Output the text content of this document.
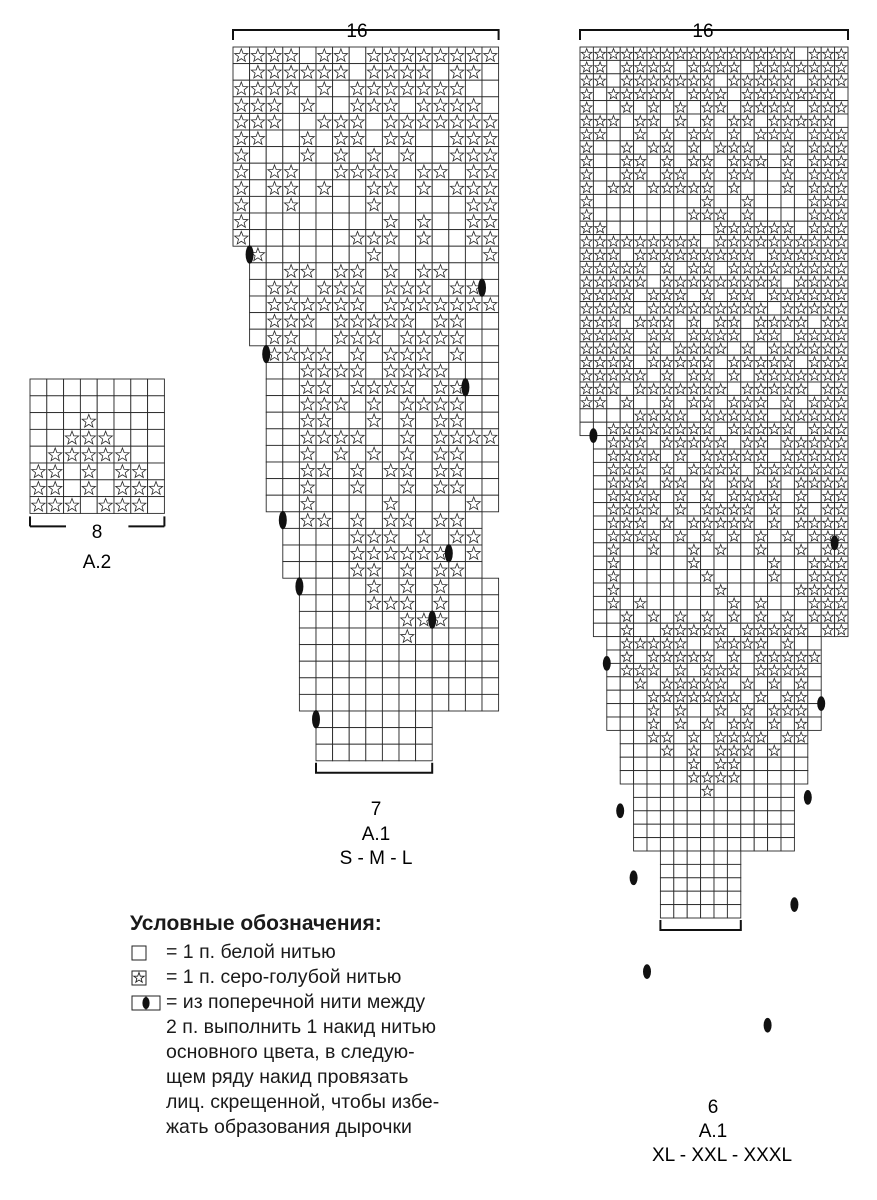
8
A.2
16
7
A.1
S - M - L
16
6
A.1
XL - XXL - XXXL
Условные обозначения:
= 1 п. белой нитью
= 1 п. серо-голубой нитью
= из поперечной нити между
2 п. выполнить 1 накид нитью
основного цвета, в следую-
щем ряду накид провязать
лиц. скрещенной, чтобы избе-
жать образования дырочки
